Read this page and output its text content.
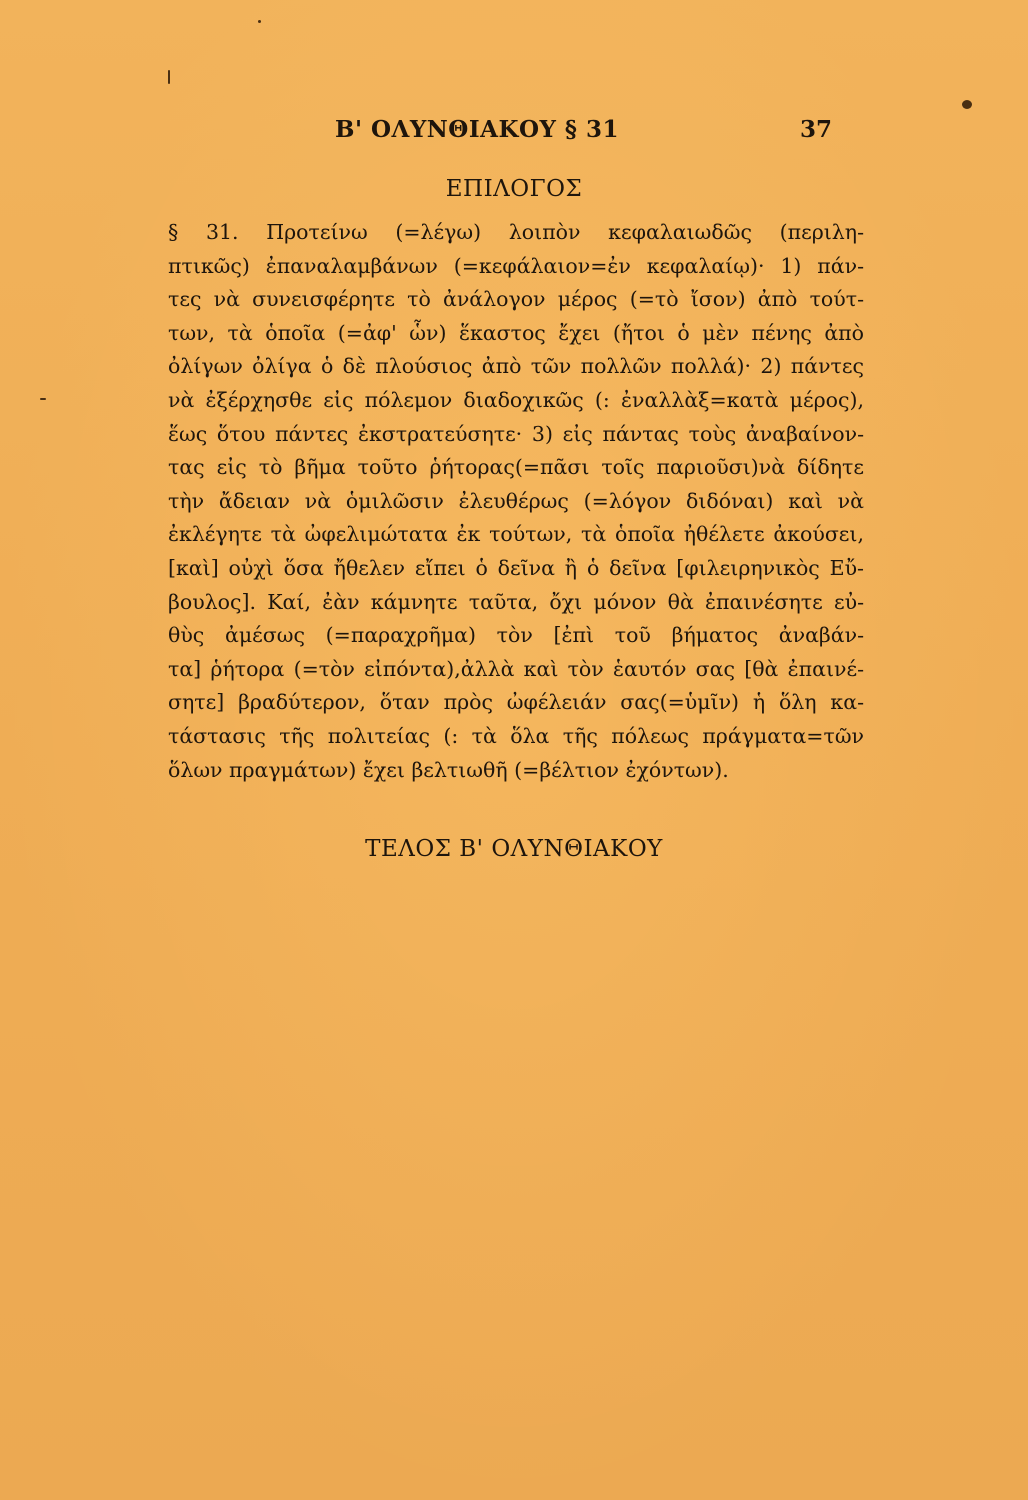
Β' ΟΛΥΝΘΙΑΚΟΥ § 31	37
ΕΠΙΛΟΓΟΣ
§ 31. Προτείνω (=λέγω) λοιπὸν κεφαλαιωδῶς (περιλη-
πτικῶς) ἐπαναλαμβάνων (=κεφάλαιον=ἐν κεφαλαίῳ)· 1) πάν-
τες νὰ συνεισφέρητε τὸ ἀνάλογον μέρος (=τὸ ἴσον) ἀπὸ τούτ-
των, τὰ ὁποῖα (=ἀφ' ὧν) ἕκαστος ἔχει (ἤτοι ὁ μὲν πένης ἀπὸ
ὀλίγων ὀλίγα ὁ δὲ πλούσιος ἀπὸ τῶν πολλῶν πολλά)· 2) πάντες
νὰ ἐξέρχησθε εἰς πόλεμον διαδοχικῶς (: ἐναλλὰξ=κατὰ μέρος),
ἕως ὅτου πάντες ἐκστρατεύσητε· 3) εἰς πάντας τοὺς ἀναβαίνον-
τας εἰς τὸ βῆμα τοῦτο ῥήτορας(=πᾶσι τοῖς παριοῦσι)νὰ δίδητε
τὴν ἄδειαν νὰ ὁμιλῶσιν ἐλευθέρως (=λόγον διδόναι) καὶ νὰ
ἐκλέγητε τὰ ὠφελιμώτατα ἐκ τούτων, τὰ ὁποῖα ἠθέλετε ἀκούσει,
[καὶ] οὐχὶ ὅσα ἤθελεν εἴπει ὁ δεῖνα ἢ ὁ δεῖνα [φιλειρηνικὸς Εὔ-
βουλος]. Καί, ἐὰν κάμνητε ταῦτα, ὄχι μόνον θὰ ἐπαινέσητε εὐ-
θὺς ἀμέσως (=παραχρῆμα) τὸν [ἐπὶ τοῦ βήματος ἀναβάν-
τα] ῥήτορα (=τὸν εἰπόντα),ἀλλὰ καὶ τὸν ἑαυτόν σας [θὰ ἐπαινέ-
σητε] βραδύτερον, ὅταν πρὸς ὠφέλειάν σας(=ὑμῖν) ἡ ὅλη κα-
τάστασις τῆς πολιτείας (: τὰ ὅλα τῆς πόλεως πράγματα=τῶν
ὅλων πραγμάτων) ἔχει βελτιωθῆ (=βέλτιον ἐχόντων).
ΤΕΛΟΣ Β' ΟΛΥΝΘΙΑΚΟΥ
